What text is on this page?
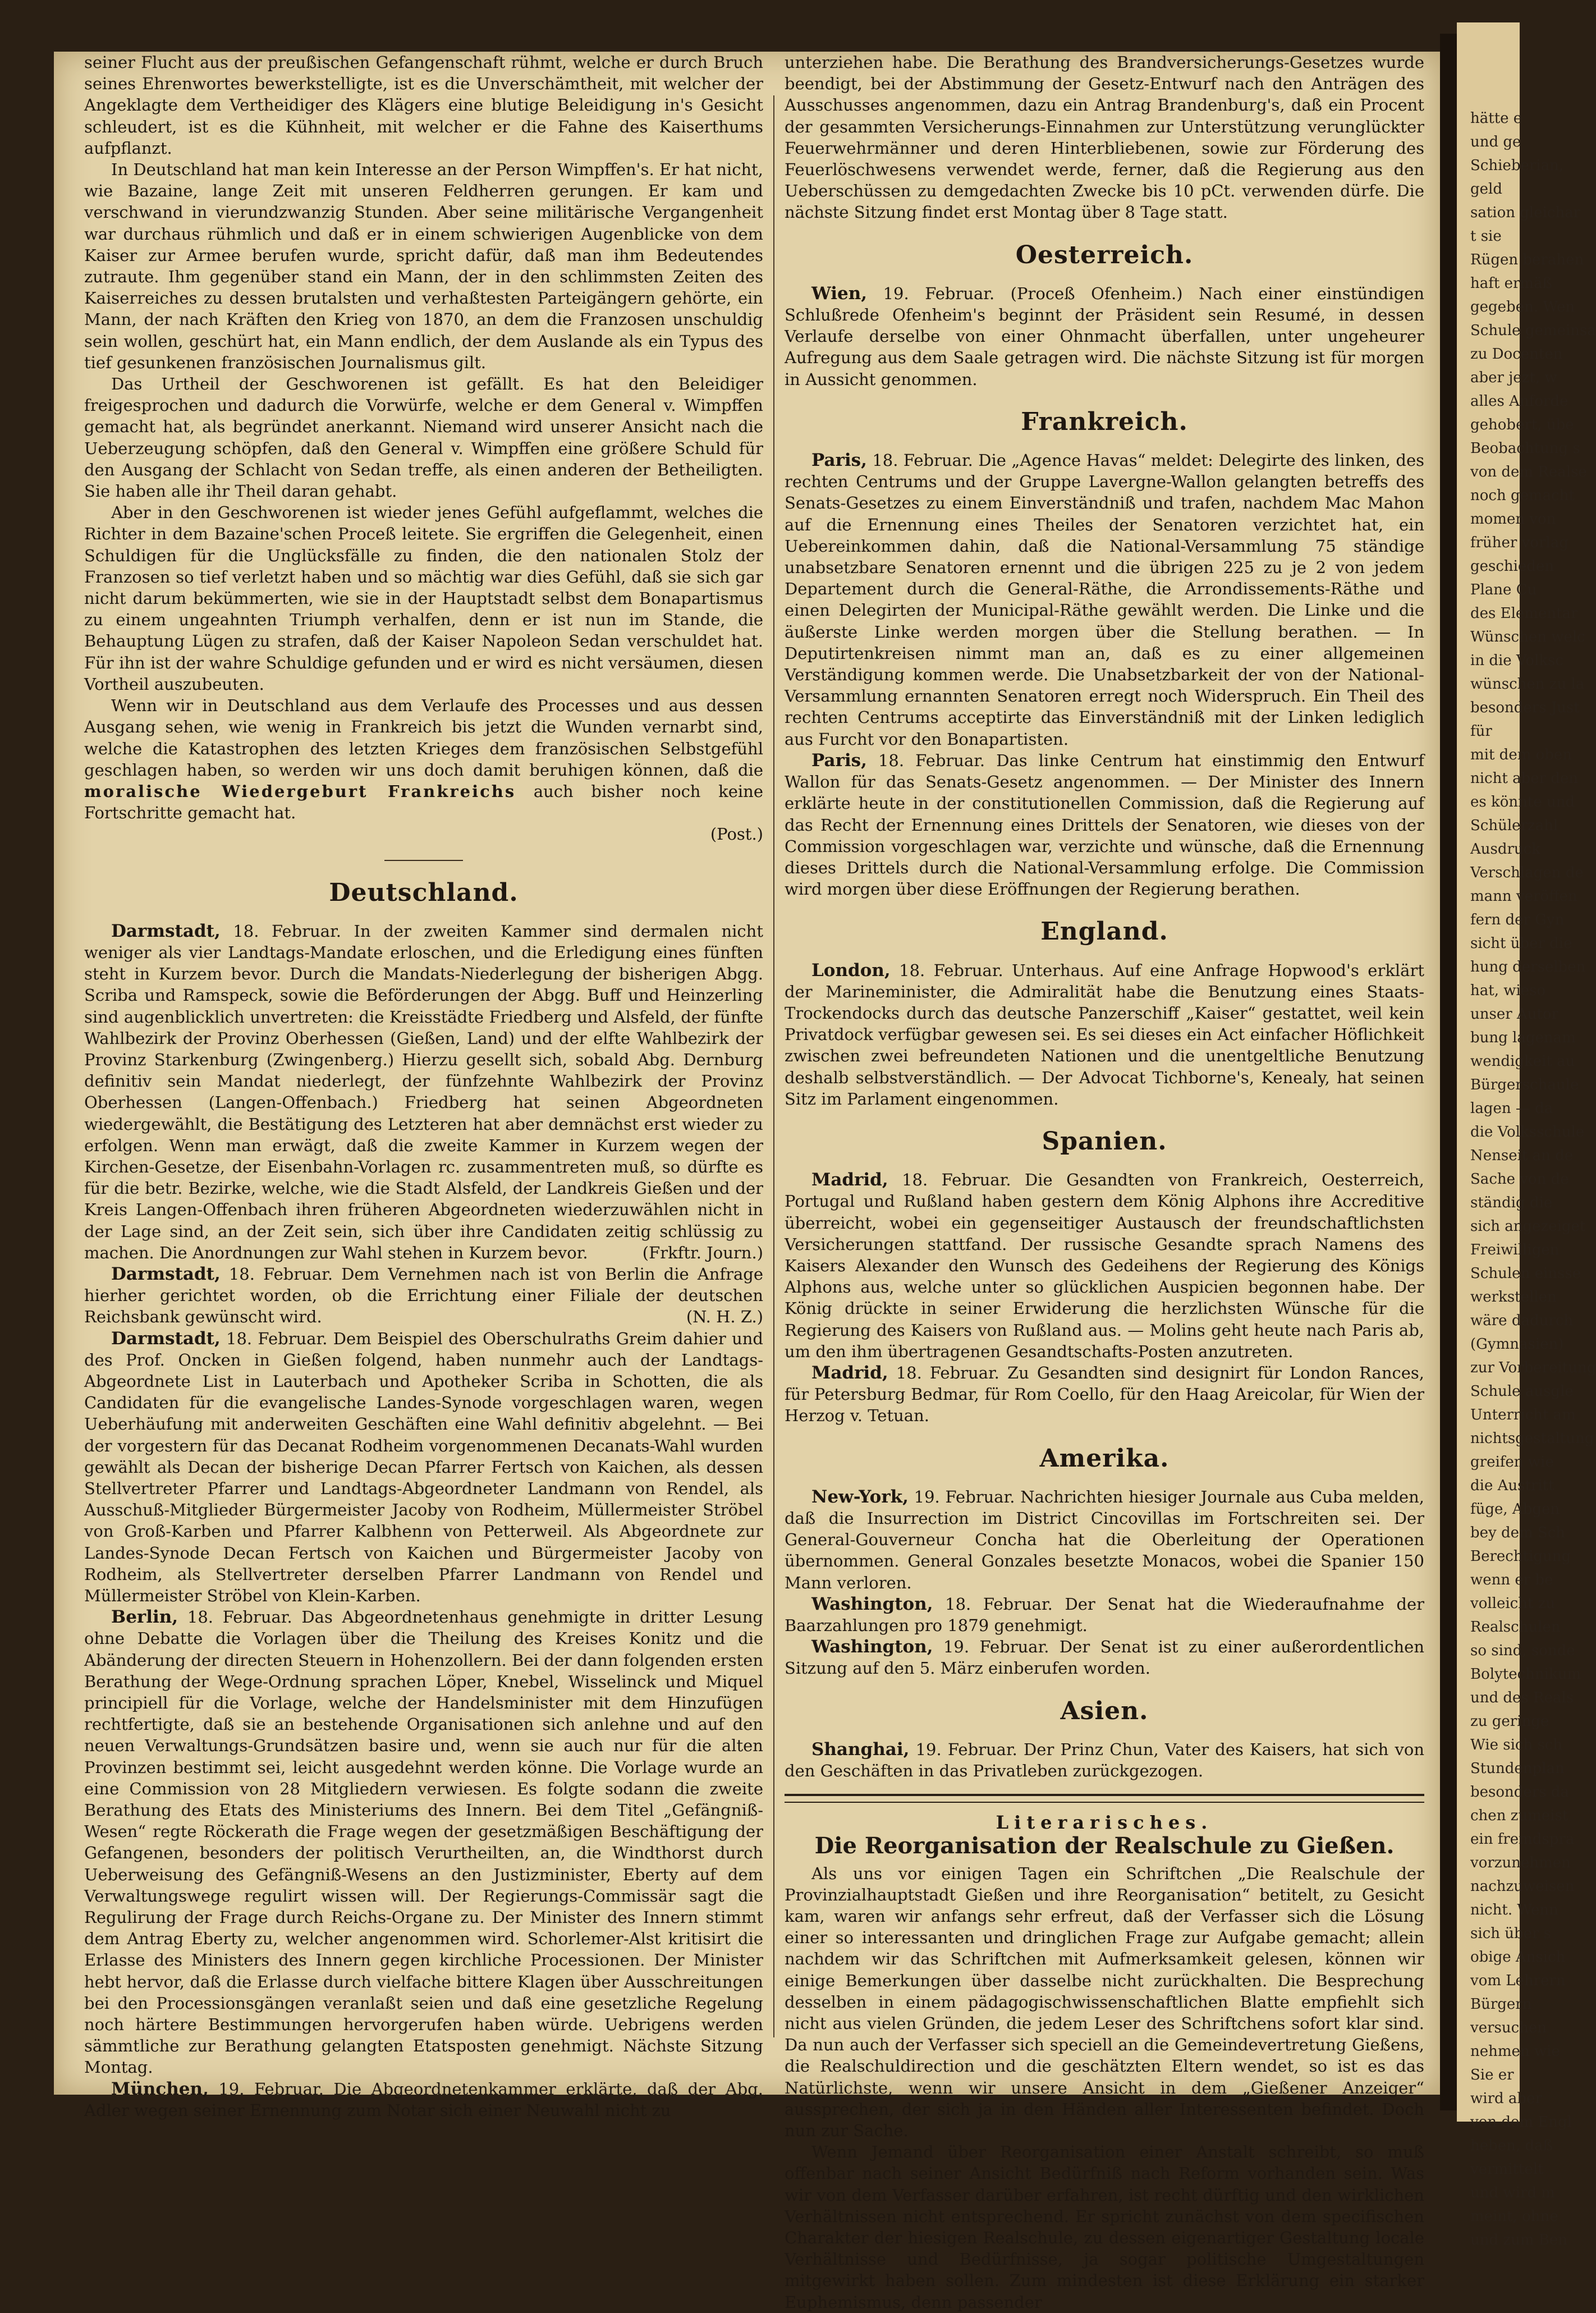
hätte e
und ge
Schieberian,
geld
sation gleichar
t sie
Rügen berahen
haft ermäß
gegeben. Wen
Schule gemeinsa
zu Docenten
aber jezt, w
alles Anforde
gehobert, übe
Beobachtung s
von dem Realse
noch gemacht
momen von
früher vorlag
geschieden
Plane Cu
des Elementar
Wünschen welc
in die Volksc
wünschen zu la
besonders Just
für
mit dem oben
nicht aber den
es könnte und
Schülerzahl
Ausdruck
Verschlagen de
mann veröffen
fern der Gyn
sicht über die
hung derselben
hat, wieso
unser Autor
bung lagenam
wendigkeit au
Bürgerschaule
lagen — da
die Volksschule
Nenseit an de
Sache von de
ständig die
sich angezeiget
Freiwilligen
Schulen einsse
werkstellen
wäre dadurch
(Gymnasien)
zur Vorbereitung
Schule ausgle
Unterricht am
nichtsgestaltung
greifen wie
die Austritt
füge, Abgen
bey dem Sch
Berechtigung
wenn er be
volleicht zu
Realschulen
so sind, sonde
Bolytechnikum
und des Reals
zu geringe
Wie sich sch
Stundenplan
besonders da
chen zumeist
ein fremdspra
vorzunehmen
nachzuweisen
nicht. Wenn
sich über s
obige Ansich
vom Lehrern
Bürgern
versuchen
nehmen wie
Sie er
wird aber
von dem Engl
heben, daß
vermittelt
und wird m
meint, ohne
und zum Ben

seiner Flucht aus der preußischen Gefangenschaft rühmt, welche er durch Bruch seines Ehrenwortes bewerkstelligte, ist es die Unverschämtheit, mit welcher der Angeklagte dem Vertheidiger des Klägers eine blutige Beleidigung in's Gesicht schleudert, ist es die Kühnheit, mit welcher er die Fahne des Kaiserthums aufpflanzt.

In Deutschland hat man kein Interesse an der Person Wimpffen's. Er hat nicht, wie Bazaine, lange Zeit mit unseren Feldherren gerungen. Er kam und verschwand in vierundzwanzig Stunden. Aber seine militärische Vergangenheit war durchaus rühmlich und daß er in einem schwierigen Augenblicke von dem Kaiser zur Armee berufen wurde, spricht dafür, daß man ihm Bedeutendes zutraute. Ihm gegenüber stand ein Mann, der in den schlimmsten Zeiten des Kaiserreiches zu dessen brutalsten und verhaßtesten Parteigängern gehörte, ein Mann, der nach Kräften den Krieg von 1870, an dem die Franzosen unschuldig sein wollen, geschürt hat, ein Mann endlich, der dem Auslande als ein Typus des tief gesunkenen französischen Journalismus gilt.

Das Urtheil der Geschworenen ist gefällt. Es hat den Beleidiger freigesprochen und dadurch die Vorwürfe, welche er dem General v. Wimpffen gemacht hat, als begründet anerkannt. Niemand wird unserer Ansicht nach die Ueberzeugung schöpfen, daß den General v. Wimpffen eine größere Schuld für den Ausgang der Schlacht von Sedan treffe, als einen anderen der Betheiligten. Sie haben alle ihr Theil daran gehabt.

Aber in den Geschworenen ist wieder jenes Gefühl aufgeflammt, welches die Richter in dem Bazaine'schen Proceß leitete. Sie ergriffen die Gelegenheit, einen Schuldigen für die Unglücksfälle zu finden, die den nationalen Stolz der Franzosen so tief verletzt haben und so mächtig war dies Gefühl, daß sie sich gar nicht darum bekümmerten, wie sie in der Hauptstadt selbst dem Bonapartismus zu einem ungeahnten Triumph verhalfen, denn er ist nun im Stande, die Behauptung Lügen zu strafen, daß der Kaiser Napoleon Sedan verschuldet hat. Für ihn ist der wahre Schuldige gefunden und er wird es nicht versäumen, diesen Vortheil auszubeuten.

Wenn wir in Deutschland aus dem Verlaufe des Processes und aus dessen Ausgang sehen, wie wenig in Frankreich bis jetzt die Wunden vernarbt sind, welche die Katastrophen des letzten Krieges dem französischen Selbstgefühl geschlagen haben, so werden wir uns doch damit beruhigen können, daß die moralische Wiedergeburt Frankreichs auch bisher noch keine Fortschritte gemacht hat.

(Post.)

Deutschland.

Darmstadt, 18. Februar. In der zweiten Kammer sind dermalen nicht weniger als vier Landtags-Mandate erloschen, und die Erledigung eines fünften steht in Kurzem bevor. Durch die Mandats-Niederlegung der bisherigen Abgg. Scriba und Ramspeck, sowie die Beförderungen der Abgg. Buff und Heinzerling sind augenblicklich unvertreten: die Kreisstädte Friedberg und Alsfeld, der fünfte Wahlbezirk der Provinz Oberhessen (Gießen, Land) und der elfte Wahlbezirk der Provinz Starkenburg (Zwingenberg.) Hierzu gesellt sich, sobald Abg. Dernburg definitiv sein Mandat niederlegt, der fünfzehnte Wahlbezirk der Provinz Oberhessen (Langen-Offenbach.) Friedberg hat seinen Abgeordneten wiedergewählt, die Bestätigung des Letzteren hat aber demnächst erst wieder zu erfolgen. Wenn man erwägt, daß die zweite Kammer in Kurzem wegen der Kirchen-Gesetze, der Eisenbahn-Vorlagen rc. zusammentreten muß, so dürfte es für die betr. Bezirke, welche, wie die Stadt Alsfeld, der Landkreis Gießen und der Kreis Langen-Offenbach ihren früheren Abgeordneten wiederzuwählen nicht in der Lage sind, an der Zeit sein, sich über ihre Candidaten zeitig schlüssig zu machen. Die Anordnungen zur Wahl stehen in Kurzem bevor.	(Frkftr. Journ.)

Darmstadt, 18. Februar. Dem Vernehmen nach ist von Berlin die Anfrage hierher gerichtet worden, ob die Errichtung einer Filiale der deutschen Reichsbank gewünscht wird.	(N. H. Z.)

Darmstadt, 18. Februar. Dem Beispiel des Oberschulraths Greim dahier und des Prof. Oncken in Gießen folgend, haben nunmehr auch der Landtags-Abgeordnete List in Lauterbach und Apotheker Scriba in Schotten, die als Candidaten für die evangelische Landes-Synode vorgeschlagen waren, wegen Ueberhäufung mit anderweiten Geschäften eine Wahl definitiv abgelehnt. — Bei der vorgestern für das Decanat Rodheim vorgenommenen Decanats-Wahl wurden gewählt als Decan der bisherige Decan Pfarrer Fertsch von Kaichen, als dessen Stellvertreter Pfarrer und Landtags-Abgeordneter Landmann von Rendel, als Ausschuß-Mitglieder Bürgermeister Jacoby von Rodheim, Müllermeister Ströbel von Groß-Karben und Pfarrer Kalbhenn von Petterweil. Als Abgeordnete zur Landes-Synode Decan Fertsch von Kaichen und Bürgermeister Jacoby von Rodheim, als Stellvertreter derselben Pfarrer Landmann von Rendel und Müllermeister Ströbel von Klein-Karben.

Berlin, 18. Februar. Das Abgeordnetenhaus genehmigte in dritter Lesung ohne Debatte die Vorlagen über die Theilung des Kreises Konitz und die Abänderung der directen Steuern in Hohenzollern. Bei der dann folgenden ersten Berathung der Wege-Ordnung sprachen Löper, Knebel, Wisselinck und Miquel principiell für die Vorlage, welche der Handelsminister mit dem Hinzufügen rechtfertigte, daß sie an bestehende Organisationen sich anlehne und auf den neuen Verwaltungs-Grundsätzen basire und, wenn sie auch nur für die alten Provinzen bestimmt sei, leicht ausgedehnt werden könne. Die Vorlage wurde an eine Commission von 28 Mitgliedern verwiesen. Es folgte sodann die zweite Berathung des Etats des Ministeriums des Innern. Bei dem Titel „Gefängniß-Wesen“ regte Röckerath die Frage wegen der gesetzmäßigen Beschäftigung der Gefangenen, besonders der politisch Verurtheilten, an, die Windthorst durch Ueberweisung des Gefängniß-Wesens an den Justizminister, Eberty auf dem Verwaltungswege regulirt wissen will. Der Regierungs-Commissär sagt die Regulirung der Frage durch Reichs-Organe zu. Der Minister des Innern stimmt dem Antrag Eberty zu, welcher angenommen wird. Schorlemer-Alst kritisirt die Erlasse des Ministers des Innern gegen kirchliche Processionen. Der Minister hebt hervor, daß die Erlasse durch vielfache bittere Klagen über Ausschreitungen bei den Processionsgängen veranlaßt seien und daß eine gesetzliche Regelung noch härtere Bestimmungen hervorgerufen haben würde. Uebrigens werden sämmtliche zur Berathung gelangten Etatsposten genehmigt. Nächste Sitzung Montag.

München, 19. Februar. Die Abgeordnetenkammer erklärte, daß der Abg. Adler wegen seiner Ernennung zum Notar sich einer Neuwahl nicht zu

unterziehen habe. Die Berathung des Brandversicherungs-Gesetzes wurde beendigt, bei der Abstimmung der Gesetz-Entwurf nach den Anträgen des Ausschusses angenommen, dazu ein Antrag Brandenburg's, daß ein Procent der gesammten Versicherungs-Einnahmen zur Unterstützung verunglückter Feuerwehrmänner und deren Hinterbliebenen, sowie zur Förderung des Feuerlöschwesens verwendet werde, ferner, daß die Regierung aus den Ueberschüssen zu demgedachten Zwecke bis 10 pCt. verwenden dürfe. Die nächste Sitzung findet erst Montag über 8 Tage statt.

Oesterreich.

Wien, 19. Februar. (Proceß Ofenheim.) Nach einer einstündigen Schlußrede Ofenheim's beginnt der Präsident sein Resumé, in dessen Verlaufe derselbe von einer Ohnmacht überfallen, unter ungeheurer Aufregung aus dem Saale getragen wird. Die nächste Sitzung ist für morgen in Aussicht genommen.

Frankreich.

Paris, 18. Februar. Die „Agence Havas“ meldet: Delegirte des linken, des rechten Centrums und der Gruppe Lavergne-Wallon gelangten betreffs des Senats-Gesetzes zu einem Einverständniß und trafen, nachdem Mac Mahon auf die Ernennung eines Theiles der Senatoren verzichtet hat, ein Uebereinkommen dahin, daß die National-Versammlung 75 ständige unabsetzbare Senatoren ernennt und die übrigen 225 zu je 2 von jedem Departement durch die General-Räthe, die Arrondissements-Räthe und einen Delegirten der Municipal-Räthe gewählt werden. Die Linke und die äußerste Linke werden morgen über die Stellung berathen. — In Deputirtenkreisen nimmt man an, daß es zu einer allgemeinen Verständigung kommen werde. Die Unabsetzbarkeit der von der National-Versammlung ernannten Senatoren erregt noch Widerspruch. Ein Theil des rechten Centrums acceptirte das Einverständniß mit der Linken lediglich aus Furcht vor den Bonapartisten.

Paris, 18. Februar. Das linke Centrum hat einstimmig den Entwurf Wallon für das Senats-Gesetz angenommen. — Der Minister des Innern erklärte heute in der constitutionellen Commission, daß die Regierung auf das Recht der Ernennung eines Drittels der Senatoren, wie dieses von der Commission vorgeschlagen war, verzichte und wünsche, daß die Ernennung dieses Drittels durch die National-Versammlung erfolge. Die Commission wird morgen über diese Eröffnungen der Regierung berathen.

England.

London, 18. Februar. Unterhaus. Auf eine Anfrage Hopwood's erklärt der Marineminister, die Admiralität habe die Benutzung eines Staats-Trockendocks durch das deutsche Panzerschiff „Kaiser“ gestattet, weil kein Privatdock verfügbar gewesen sei. Es sei dieses ein Act einfacher Höflichkeit zwischen zwei befreundeten Nationen und die unentgeltliche Benutzung deshalb selbstverständlich. — Der Advocat Tichborne's, Kenealy, hat seinen Sitz im Parlament eingenommen.

Spanien.

Madrid, 18. Februar. Die Gesandten von Frankreich, Oesterreich, Portugal und Rußland haben gestern dem König Alphons ihre Accreditive überreicht, wobei ein gegenseitiger Austausch der freundschaftlichsten Versicherungen stattfand. Der russische Gesandte sprach Namens des Kaisers Alexander den Wunsch des Gedeihens der Regierung des Königs Alphons aus, welche unter so glücklichen Auspicien begonnen habe. Der König drückte in seiner Erwiderung die herzlichsten Wünsche für die Regierung des Kaisers von Rußland aus. — Molins geht heute nach Paris ab, um den ihm übertragenen Gesandtschafts-Posten anzutreten.

Madrid, 18. Februar. Zu Gesandten sind designirt für London Rances, für Petersburg Bedmar, für Rom Coello, für den Haag Areicolar, für Wien der Herzog v. Tetuan.

Amerika.

New-York, 19. Februar. Nachrichten hiesiger Journale aus Cuba melden, daß die Insurrection im District Cincovillas im Fortschreiten sei. Der General-Gouverneur Concha hat die Oberleitung der Operationen übernommen. General Gonzales besetzte Monacos, wobei die Spanier 150 Mann verloren.

Washington, 18. Februar. Der Senat hat die Wiederaufnahme der Baarzahlungen pro 1879 genehmigt.

Washington, 19. Februar. Der Senat ist zu einer außerordentlichen Sitzung auf den 5. März einberufen worden.

Asien.

Shanghai, 19. Februar. Der Prinz Chun, Vater des Kaisers, hat sich von den Geschäften in das Privatleben zurückgezogen.

Literarisches.
Die Reorganisation der Realschule zu Gießen.

Als uns vor einigen Tagen ein Schriftchen „Die Realschule der Provinzialhauptstadt Gießen und ihre Reorganisation“ betitelt, zu Gesicht kam, waren wir anfangs sehr erfreut, daß der Verfasser sich die Lösung einer so interessanten und dringlichen Frage zur Aufgabe gemacht; allein nachdem wir das Schriftchen mit Aufmerksamkeit gelesen, können wir einige Bemerkungen über dasselbe nicht zurückhalten. Die Besprechung desselben in einem pädagogischwissenschaftlichen Blatte empfiehlt sich nicht aus vielen Gründen, die jedem Leser des Schriftchens sofort klar sind. Da nun auch der Verfasser sich speciell an die Gemeindevertretung Gießens, die Realschuldirection und die geschätzten Eltern wendet, so ist es das Natürlichste, wenn wir unsere Ansicht in dem „Gießener Anzeiger“ aussprechen, der sich ja in den Händen aller Interessenten befindet. Doch nun zur Sache.

Wenn Jemand über Reorganisation einer Anstalt schreibt, so muß offenbar nach seiner Ansicht Bedürfniß nach Reform vorhanden sein. Was wir von dem Verfasser darüber erfahren, ist recht dürftig und den wirklichen Verhältnissen nicht entsprechend. Er spricht zunächst von dem specifischen Charakter der hiesigen Realschule, zu dessen eigenartiger Gestaltung locale Verhältnisse und Bedürfnisse, ja sogar politische Umgestaltungen mitgewirkt haben sollen. Zum mindesten ist diese Erklärung ein starker Euphemismus, denn passender
